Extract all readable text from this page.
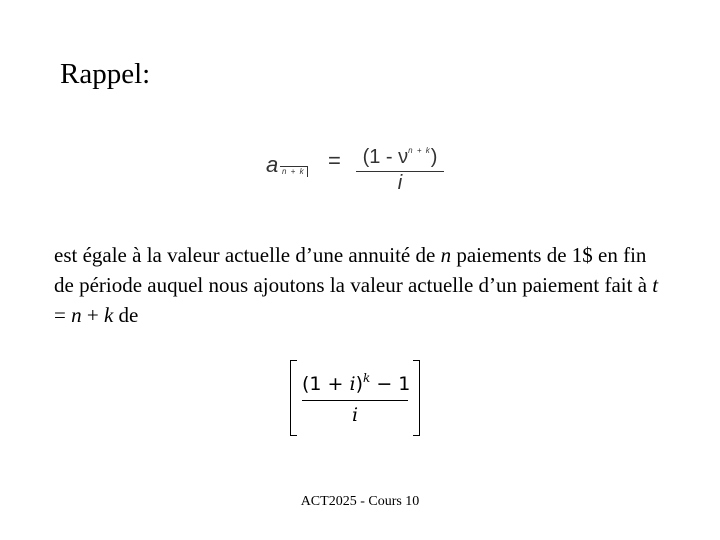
Rappel:
a n + k =	$(1 - \nu^{n + k})$
i
est égale à la valeur actuelle d’une annuité de n paiements de 1$ en fin de période auquel nous ajoutons la valeur actuelle d’un paiement fait à t = n + k de
$(1 + i)^k - 1$
i
ACT2025 - Cours 10
